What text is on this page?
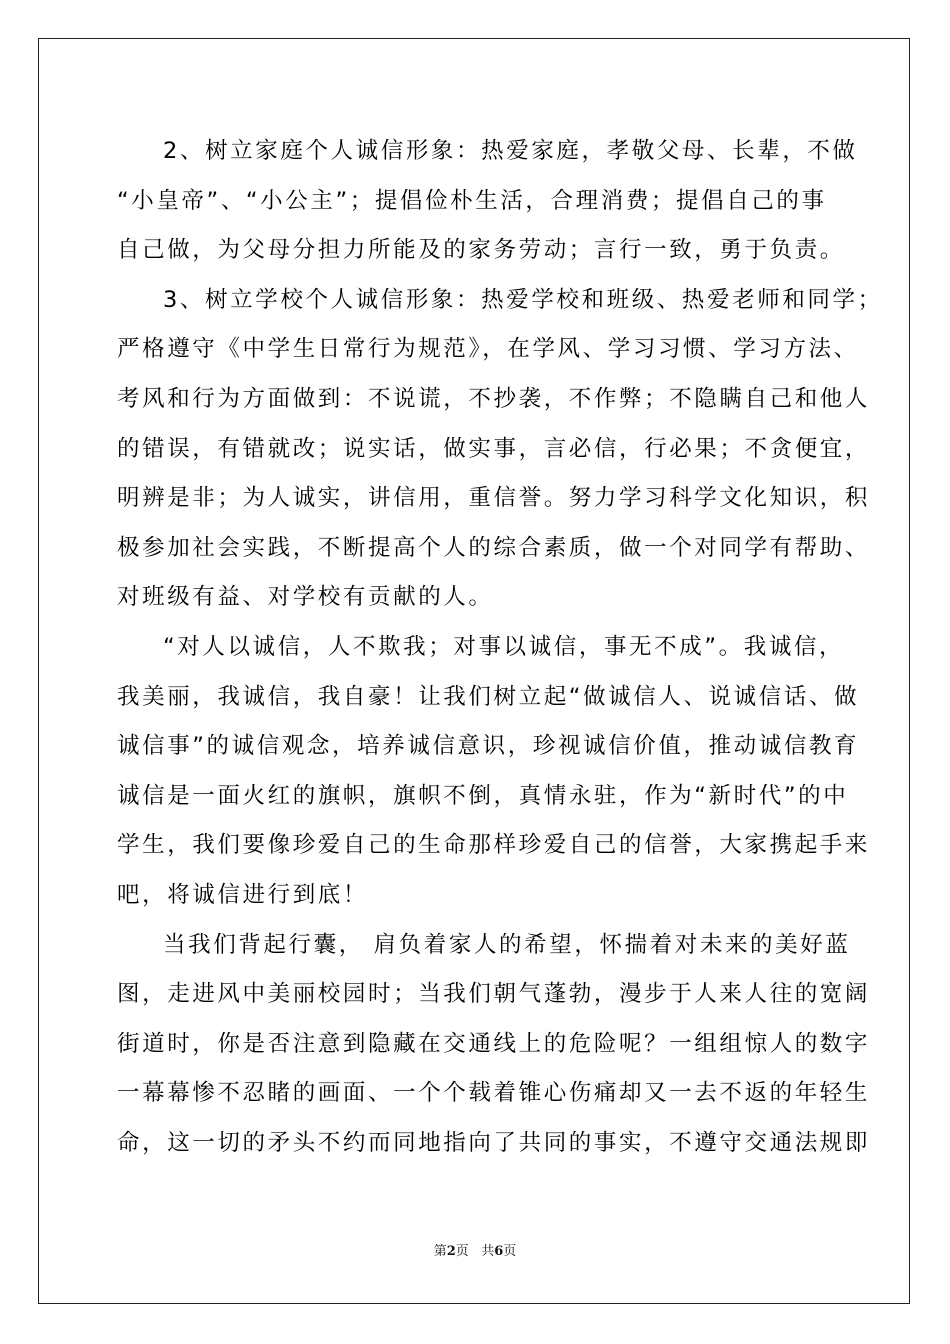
2、树立家庭个人诚信形象：热爱家庭，孝敬父母、长辈，不做
“小皇帝”、“小公主”；提倡俭朴生活，合理消费；提倡自己的事
自己做，为父母分担力所能及的家务劳动；言行一致，勇于负责。
3、树立学校个人诚信形象：热爱学校和班级、热爱老师和同学；
严格遵守《中学生日常行为规范》，在学风、学习习惯、学习方法、
考风和行为方面做到：不说谎，不抄袭，不作弊；不隐瞒自己和他人
的错误，有错就改；说实话，做实事，言必信，行必果；不贪便宜，
明辨是非；为人诚实，讲信用，重信誉。努力学习科学文化知识，积
极参加社会实践，不断提高个人的综合素质，做一个对同学有帮助、
对班级有益、对学校有贡献的人。
“对人以诚信，人不欺我；对事以诚信，事无不成”。我诚信，
我美丽，我诚信，我自豪！让我们树立起“做诚信人、说诚信话、做
诚信事”的诚信观念，培养诚信意识，珍视诚信价值，推动诚信教育
诚信是一面火红的旗帜，旗帜不倒，真情永驻，作为“新时代”的中
学生，我们要像珍爱自己的生命那样珍爱自己的信誉，大家携起手来
吧，将诚信进行到底！
当我们背起行囊， 肩负着家人的希望，怀揣着对未来的美好蓝
图，走进风中美丽校园时；当我们朝气蓬勃，漫步于人来人往的宽阔
街道时，你是否注意到隐藏在交通线上的危险呢？一组组惊人的数字
一幕幕惨不忍睹的画面、一个个载着锥心伤痛却又一去不返的年轻生
命，这一切的矛头不约而同地指向了共同的事实，不遵守交通法规即
第2页   共6页
